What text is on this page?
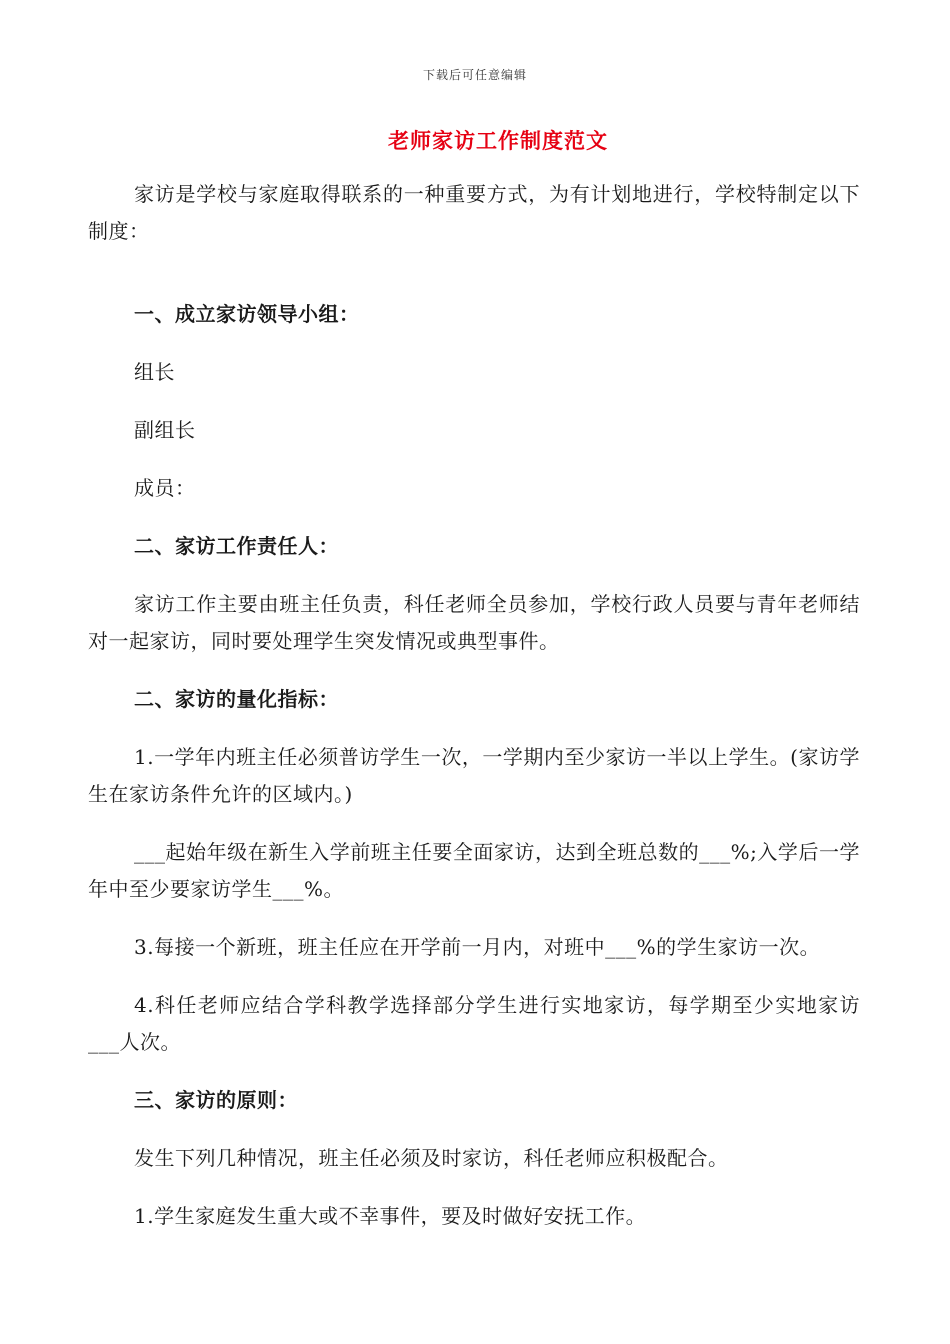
下载后可任意编辑
老师家访工作制度范文

家访是学校与家庭取得联系的一种重要方式，为有计划地进行，学校特制定以下制度：

一、成立家访领导小组：

组长

副组长

成员：

二、家访工作责任人：

家访工作主要由班主任负责，科任老师全员参加，学校行政人员要与青年老师结对一起家访，同时要处理学生突发情况或典型事件。

二、家访的量化指标：

1.一学年内班主任必须普访学生一次，一学期内至少家访一半以上学生。(家访学生在家访条件允许的区域内。)

___起始年级在新生入学前班主任要全面家访，达到全班总数的___%;入学后一学年中至少要家访学生___%。

3.每接一个新班，班主任应在开学前一月内，对班中___%的学生家访一次。

4.科任老师应结合学科教学选择部分学生进行实地家访，每学期至少实地家访___人次。

三、家访的原则：

发生下列几种情况，班主任必须及时家访，科任老师应积极配合。

1.学生家庭发生重大或不幸事件，要及时做好安抚工作。
